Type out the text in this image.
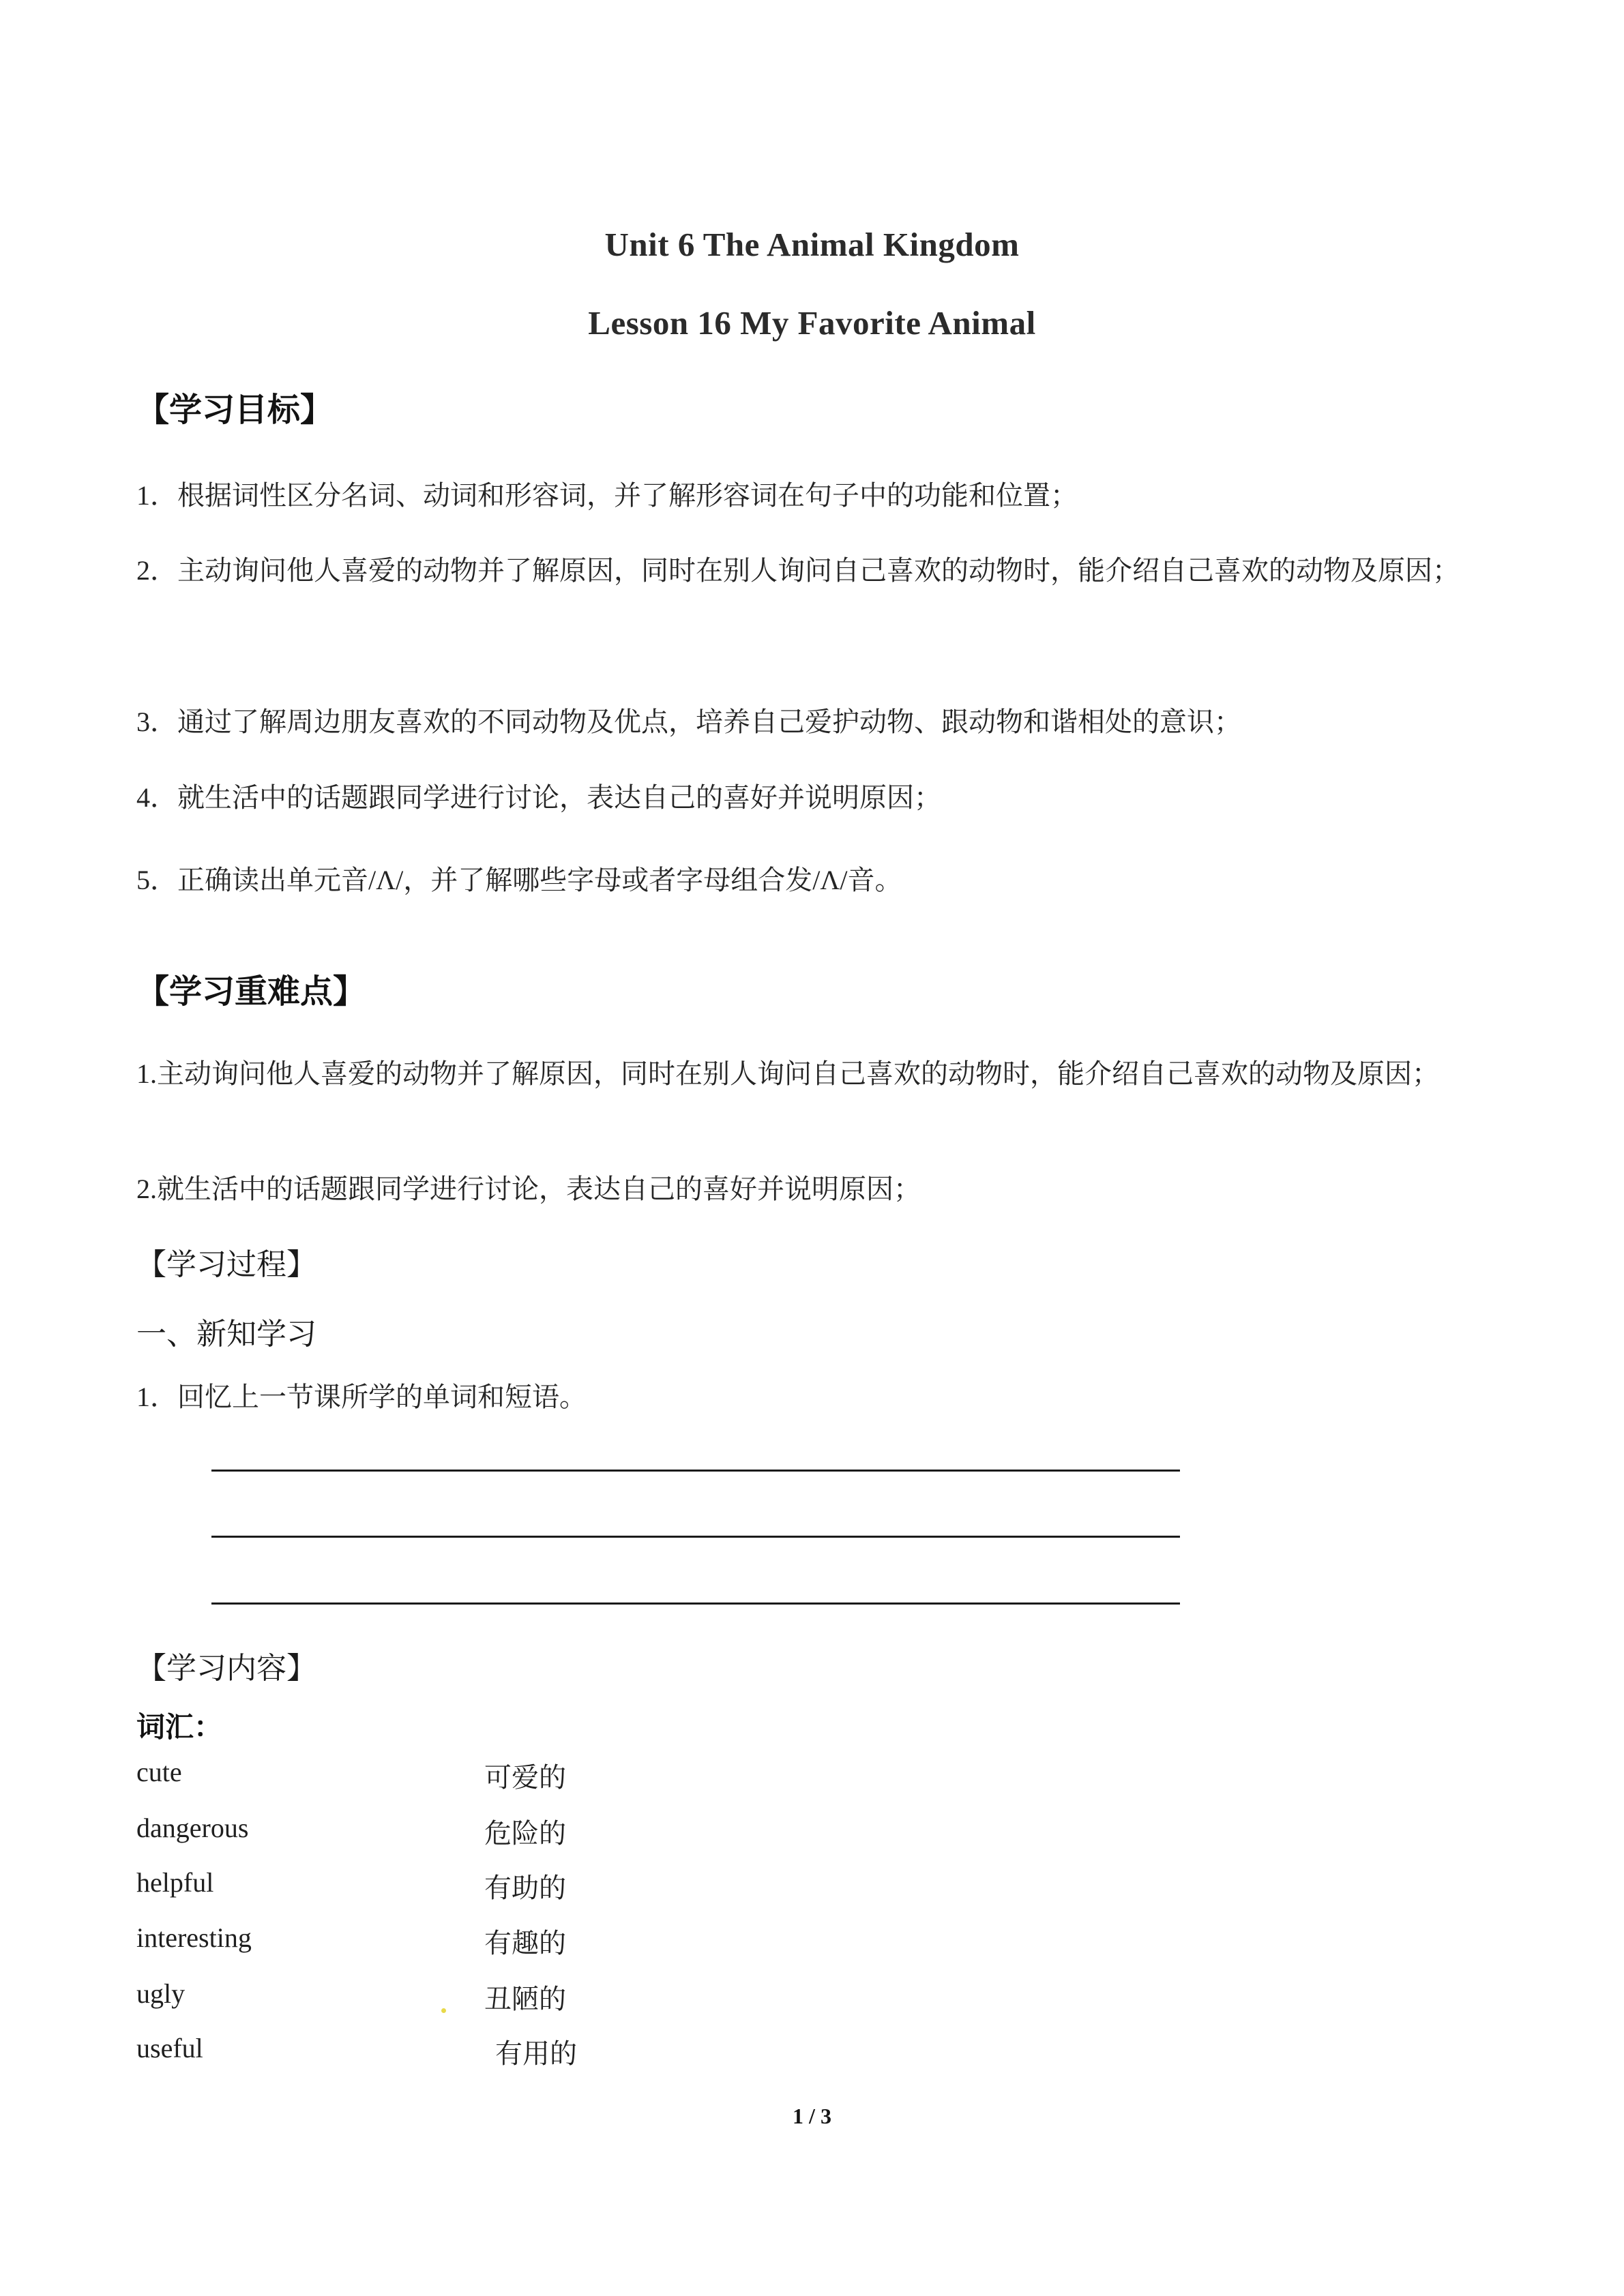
Unit 6 The Animal Kingdom
Lesson 16 My Favorite Animal
【学习目标】
1．根据词性区分名词、动词和形容词，并了解形容词在句子中的功能和位置；
2．主动询问他人喜爱的动物并了解原因，同时在别人询问自己喜欢的动物时，能介绍自己喜欢的动物及原因；
3．通过了解周边朋友喜欢的不同动物及优点，培养自己爱护动物、跟动物和谐相处的意识；
4．就生活中的话题跟同学进行讨论，表达自己的喜好并说明原因；
5．正确读出单元音/Λ/，并了解哪些字母或者字母组合发/Λ/音。
【学习重难点】
1.主动询问他人喜爱的动物并了解原因，同时在别人询问自己喜欢的动物时，能介绍自己喜欢的动物及原因；
2.就生活中的话题跟同学进行讨论，表达自己的喜好并说明原因；
【学习过程】
一、新知学习
1．回忆上一节课所学的单词和短语。
【学习内容】
词汇：
cute	可爱的
dangerous	危险的
helpful	有助的
interesting	有趣的
ugly	丑陋的
useful	有用的
1 / 3
